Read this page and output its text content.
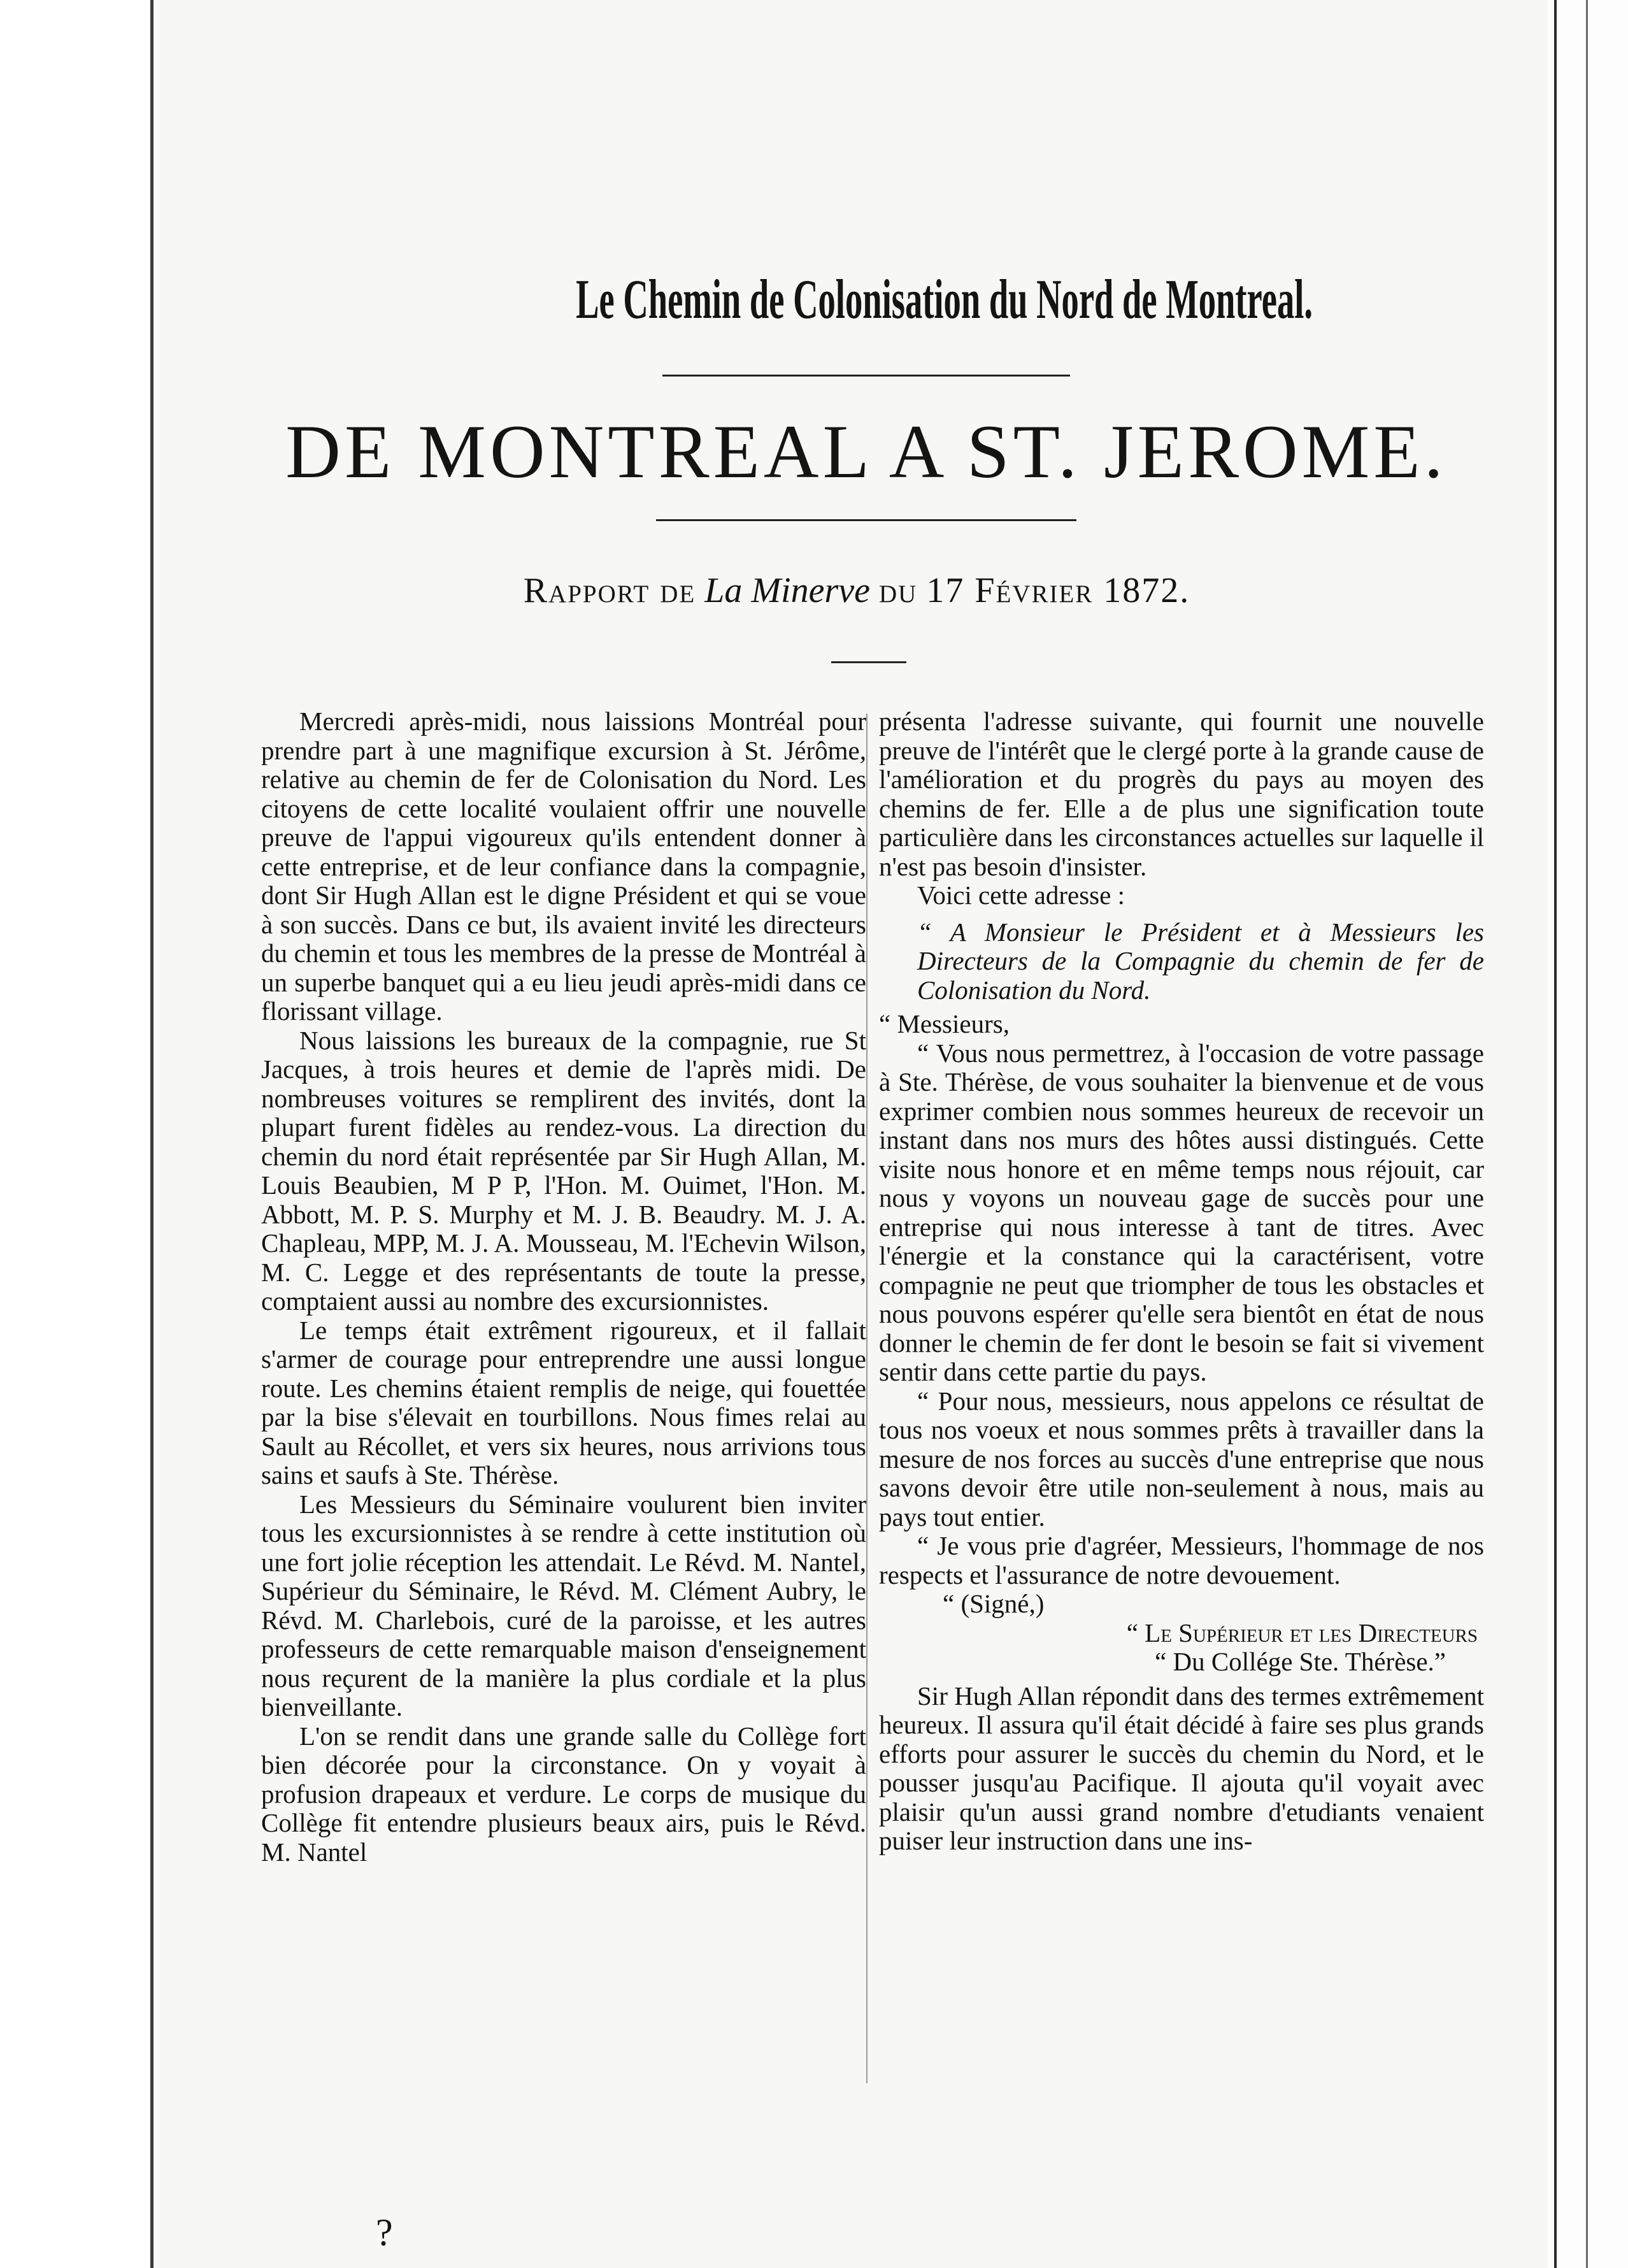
Le Chemin de Colonisation du Nord de Montreal.
DE MONTREAL A ST. JEROME.
Rapport de La Minerve du 17 Février 1872.

Mercredi après-midi, nous laissions Montréal pour prendre part à une magnifique excursion à St. Jérôme, relative au chemin de fer de Colonisation du Nord. Les citoyens de cette localité voulaient offrir une nouvelle preuve de l'appui vigoureux qu'ils entendent donner à cette entreprise, et de leur confiance dans la compagnie, dont Sir Hugh Allan est le digne Président et qui se voue à son succès. Dans ce but, ils avaient invité les directeurs du chemin et tous les membres de la presse de Montréal à un superbe banquet qui a eu lieu jeudi après-midi dans ce florissant village.

Nous laissions les bureaux de la compagnie, rue St Jacques, à trois heures et demie de l'après midi. De nombreuses voitures se remplirent des invités, dont la plupart furent fidèles au rendez-vous. La direction du chemin du nord était représentée par Sir Hugh Allan, M. Louis Beaubien, M P P, l'Hon. M. Ouimet, l'Hon. M. Abbott, M. P. S. Murphy et M. J. B. Beaudry. M. J. A. Chapleau, MPP, M. J. A. Mousseau, M. l'Echevin Wilson, M. C. Legge et des représentants de toute la presse, comptaient aussi au nombre des excursionnistes.

Le temps était extrêment rigoureux, et il fallait s'armer de courage pour entreprendre une aussi longue route. Les chemins étaient remplis de neige, qui fouettée par la bise s'élevait en tourbillons. Nous fimes relai au Sault au Récollet, et vers six heures, nous arrivions tous sains et saufs à Ste. Thérèse.

Les Messieurs du Séminaire voulurent bien inviter tous les excursionnistes à se rendre à cette institution où une fort jolie réception les attendait. Le Révd. M. Nantel, Supérieur du Séminaire, le Révd. M. Clément Aubry, le Révd. M. Charlebois, curé de la paroisse, et les autres professeurs de cette remarquable maison d'enseignement nous reçurent de la manière la plus cordiale et la plus bienveillante.

L'on se rendit dans une grande salle du Collège fort bien décorée pour la circonstance. On y voyait à profusion drapeaux et verdure. Le corps de musique du Collège fit entendre plusieurs beaux airs, puis le Révd. M. Nantel

présenta l'adresse suivante, qui fournit une nouvelle preuve de l'intérêt que le clergé porte à la grande cause de l'amélioration et du progrès du pays au moyen des chemins de fer. Elle a de plus une signification toute particulière dans les circonstances actuelles sur laquelle il n'est pas besoin d'insister.

Voici cette adresse :

“ A Monsieur le Président et à Messieurs les Directeurs de la Compagnie du chemin de fer de Colonisation du Nord.

“ Messieurs,

“ Vous nous permettrez, à l'occasion de votre passage à Ste. Thérèse, de vous souhaiter la bienvenue et de vous exprimer combien nous sommes heureux de recevoir un instant dans nos murs des hôtes aussi distingués. Cette visite nous honore et en même temps nous réjouit, car nous y voyons un nouveau gage de succès pour une entreprise qui nous interesse à tant de titres. Avec l'énergie et la constance qui la caractérisent, votre compagnie ne peut que triompher de tous les obstacles et nous pouvons espérer qu'elle sera bientôt en état de nous donner le chemin de fer dont le besoin se fait si vivement sentir dans cette partie du pays.

“ Pour nous, messieurs, nous appelons ce résultat de tous nos voeux et nous sommes prêts à travailler dans la mesure de nos forces au succès d'une entreprise que nous savons devoir être utile non-seulement à nous, mais au pays tout entier.

“ Je vous prie d'agréer, Messieurs, l'hommage de nos respects et l'assurance de notre devouement.

“ (Signé,)

“ Le Supérieur et les Directeurs

“ Du Collége Ste. Thérèse.”

Sir Hugh Allan répondit dans des termes extrêmement heureux. Il assura qu'il était décidé à faire ses plus grands efforts pour assurer le succès du chemin du Nord, et le pousser jusqu'au Pacifique. Il ajouta qu'il voyait avec plaisir qu'un aussi grand nombre d'etudiants venaient puiser leur instruction dans une ins-

?
